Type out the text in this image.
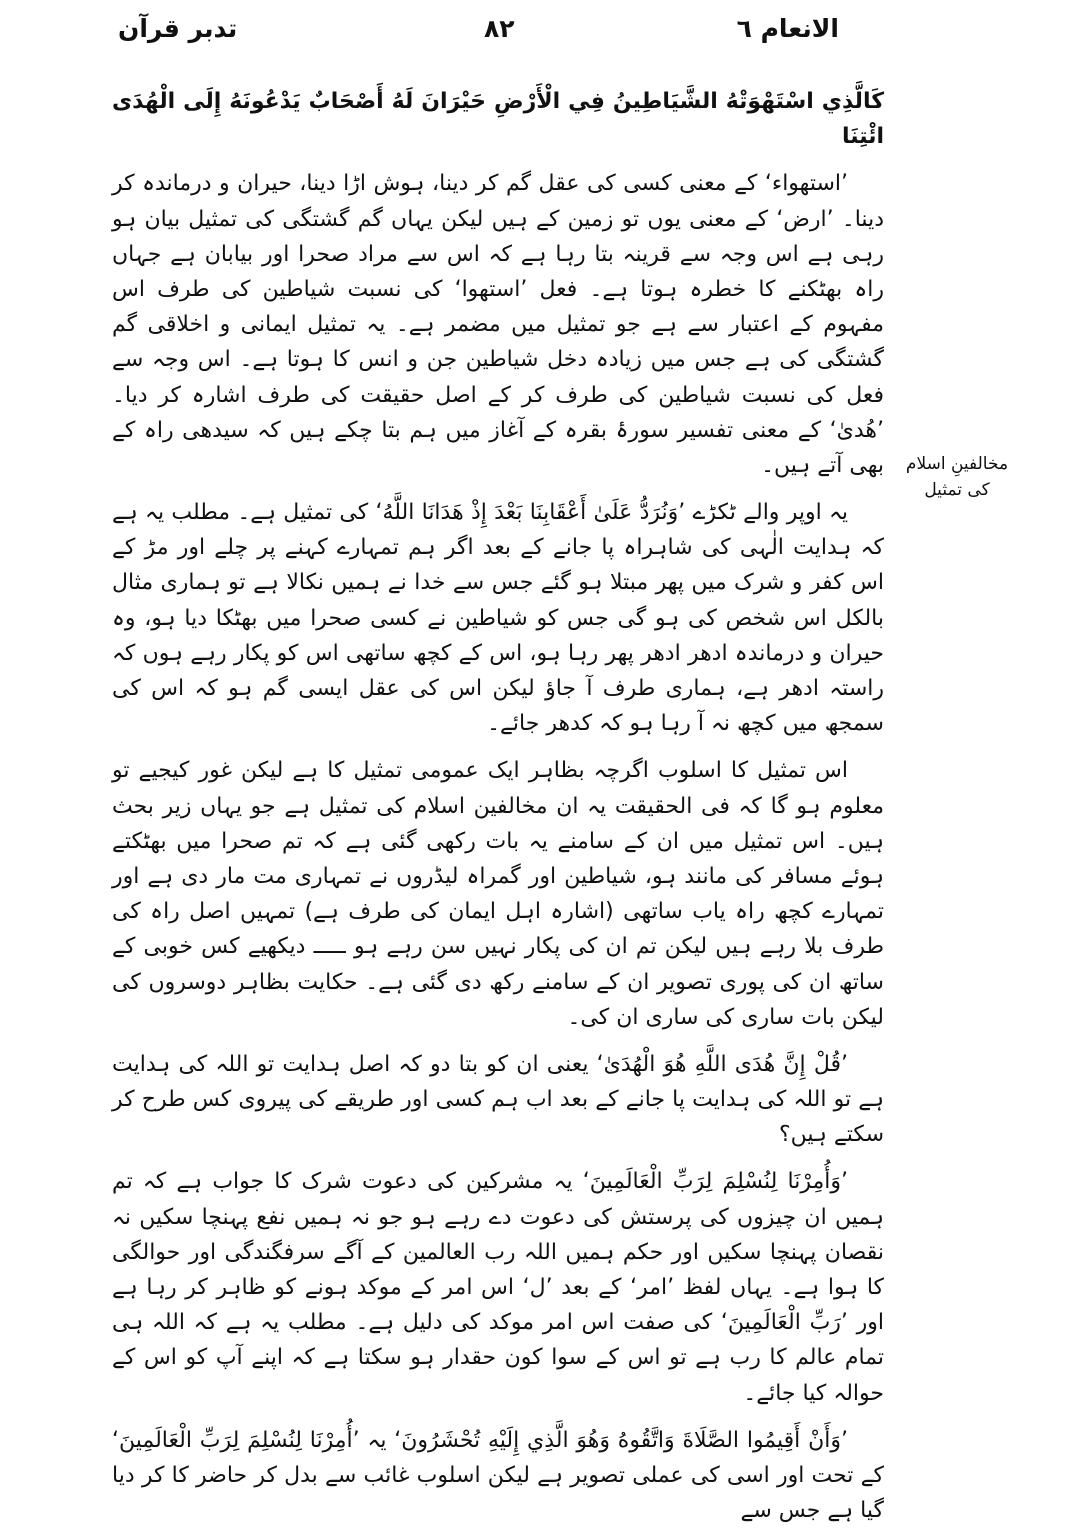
الانعام ٦
٨٢
تدبر قرآن
مخالفینِ اسلام کی تمثیل

كَالَّذِي اسْتَهْوَتْهُ الشَّيَاطِينُ فِي الْأَرْضِ حَيْرَانَ لَهُ أَصْحَابٌ يَدْعُونَهُ إِلَى الْهُدَى ائْتِنَا

’استھواء‘ کے معنی کسی کی عقل گم کر دینا، ہوش اڑا دینا، حیران و درماندہ کر دینا۔ ’ارض‘ کے معنی یوں تو زمین کے ہیں لیکن یہاں گم گشتگی کی تمثیل بیان ہو رہی ہے اس وجہ سے قرینہ بتا رہا ہے کہ اس سے مراد صحرا اور بیابان ہے جہاں راہ بھٹکنے کا خطرہ ہوتا ہے۔ فعل ’استھوا‘ کی نسبت شیاطین کی طرف اس مفہوم کے اعتبار سے ہے جو تمثیل میں مضمر ہے۔ یہ تمثیل ایمانی و اخلاقی گم گشتگی کی ہے جس میں زیادہ دخل شیاطین جن و انس کا ہوتا ہے۔ اس وجہ سے فعل کی نسبت شیاطین کی طرف کر کے اصل حقیقت کی طرف اشارہ کر دیا۔ ’ھُدیٰ‘ کے معنی تفسیر سورۂ بقرہ کے آغاز میں ہم بتا چکے ہیں کہ سیدھی راہ کے بھی آتے ہیں۔

یہ اوپر والے ٹکڑے ’وَنُرَدُّ عَلَىٰ أَعْقَابِنَا بَعْدَ إِذْ هَدَانَا اللَّهُ‘ کی تمثیل ہے۔ مطلب یہ ہے کہ ہدایت الٰہی کی شاہراہ پا جانے کے بعد اگر ہم تمہارے کہنے پر چلے اور مڑ کے اس کفر و شرک میں پھر مبتلا ہو گئے جس سے خدا نے ہمیں نکالا ہے تو ہماری مثال بالکل اس شخص کی ہو گی جس کو شیاطین نے کسی صحرا میں بھٹکا دیا ہو، وہ حیران و درماندہ ادھر ادھر پھر رہا ہو، اس کے کچھ ساتھی اس کو پکار رہے ہوں کہ راستہ ادھر ہے، ہماری طرف آ جاؤ لیکن اس کی عقل ایسی گم ہو کہ اس کی سمجھ میں کچھ نہ آ رہا ہو کہ کدھر جائے۔

اس تمثیل کا اسلوب اگرچہ بظاہر ایک عمومی تمثیل کا ہے لیکن غور کیجیے تو معلوم ہو گا کہ فی الحقیقت یہ ان مخالفین اسلام کی تمثیل ہے جو یہاں زیر بحث ہیں۔ اس تمثیل میں ان کے سامنے یہ بات رکھی گئی ہے کہ تم صحرا میں بھٹکتے ہوئے مسافر کی مانند ہو، شیاطین اور گمراہ لیڈروں نے تمہاری مت مار دی ہے اور تمہارے کچھ راہ یاب ساتھی (اشارہ اہل ایمان کی طرف ہے) تمہیں اصل راہ کی طرف بلا رہے ہیں لیکن تم ان کی پکار نہیں سن رہے ہو ـــــ دیکھیے کس خوبی کے ساتھ ان کی پوری تصویر ان کے سامنے رکھ دی گئی ہے۔ حکایت بظاہر دوسروں کی لیکن بات ساری کی ساری ان کی۔

’قُلْ إِنَّ هُدَى اللَّهِ هُوَ الْهُدَىٰ‘ یعنی ان کو بتا دو کہ اصل ہدایت تو اللہ کی ہدایت ہے تو اللہ کی ہدایت پا جانے کے بعد اب ہم کسی اور طریقے کی پیروی کس طرح کر سکتے ہیں؟

’وَأُمِرْنَا لِنُسْلِمَ لِرَبِّ الْعَالَمِينَ‘ یہ مشرکین کی دعوت شرک کا جواب ہے کہ تم ہمیں ان چیزوں کی پرستش کی دعوت دے رہے ہو جو نہ ہمیں نفع پہنچا سکیں نہ نقصان پہنچا سکیں اور حکم ہمیں اللہ رب العالمین کے آگے سرفگندگی اور حوالگی کا ہوا ہے۔ یہاں لفظ ’امر‘ کے بعد ’ل‘ اس امر کے موکد ہونے کو ظاہر کر رہا ہے اور ’رَبِّ الْعَالَمِينَ‘ کی صفت اس امر موکد کی دلیل ہے۔ مطلب یہ ہے کہ اللہ ہی تمام عالم کا رب ہے تو اس کے سوا کون حقدار ہو سکتا ہے کہ اپنے آپ کو اس کے حوالہ کیا جائے۔

’وَأَنْ أَقِيمُوا الصَّلَاةَ وَاتَّقُوهُ وَهُوَ الَّذِي إِلَيْهِ تُحْشَرُونَ‘ یہ ’أُمِرْنَا لِنُسْلِمَ لِرَبِّ الْعَالَمِينَ‘ کے تحت اور اسی کی عملی تصویر ہے لیکن اسلوب غائب سے بدل کر حاضر کا کر دیا گیا ہے جس سے
